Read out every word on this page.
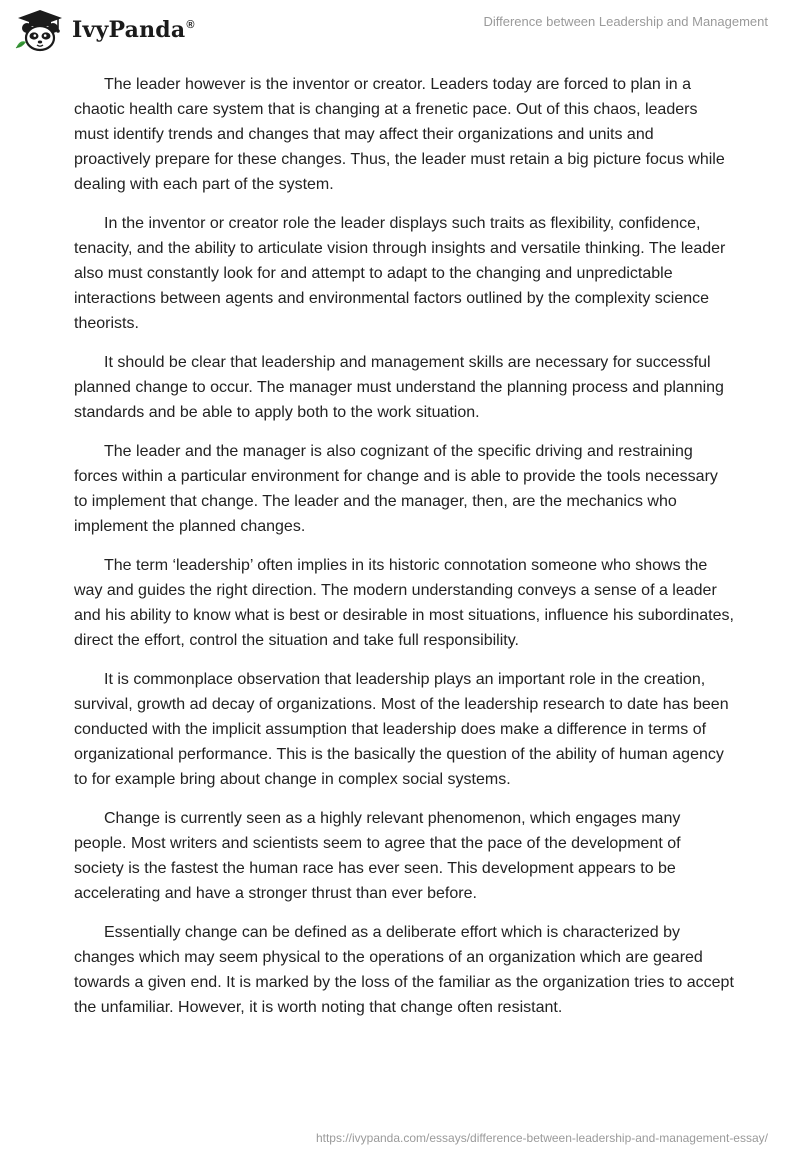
IvyPanda®	Difference between Leadership and Management

The leader however is the inventor or creator. Leaders today are forced to plan in a chaotic health care system that is changing at a frenetic pace. Out of this chaos, leaders must identify trends and changes that may affect their organizations and units and proactively prepare for these changes. Thus, the leader must retain a big picture focus while dealing with each part of the system.

In the inventor or creator role the leader displays such traits as flexibility, confidence, tenacity, and the ability to articulate vision through insights and versatile thinking. The leader also must constantly look for and attempt to adapt to the changing and unpredictable interactions between agents and environmental factors outlined by the complexity science theorists.

It should be clear that leadership and management skills are necessary for successful planned change to occur. The manager must understand the planning process and planning standards and be able to apply both to the work situation.

The leader and the manager is also cognizant of the specific driving and restraining forces within a particular environment for change and is able to provide the tools necessary to implement that change. The leader and the manager, then, are the mechanics who implement the planned changes.

The term ‘leadership’ often implies in its historic connotation someone who shows the way and guides the right direction. The modern understanding conveys a sense of a leader and his ability to know what is best or desirable in most situations, influence his subordinates, direct the effort, control the situation and take full responsibility.

It is commonplace observation that leadership plays an important role in the creation, survival, growth ad decay of organizations. Most of the leadership research to date has been conducted with the implicit assumption that leadership does make a difference in terms of organizational performance. This is the basically the question of the ability of human agency to for example bring about change in complex social systems.

Change is currently seen as a highly relevant phenomenon, which engages many people. Most writers and scientists seem to agree that the pace of the development of society is the fastest the human race has ever seen. This development appears to be accelerating and have a stronger thrust than ever before.

Essentially change can be defined as a deliberate effort which is characterized by changes which may seem physical to the operations of an organization which are geared towards a given end. It is marked by the loss of the familiar as the organization tries to accept the unfamiliar. However, it is worth noting that change often resistant.

https://ivypanda.com/essays/difference-between-leadership-and-management-essay/
